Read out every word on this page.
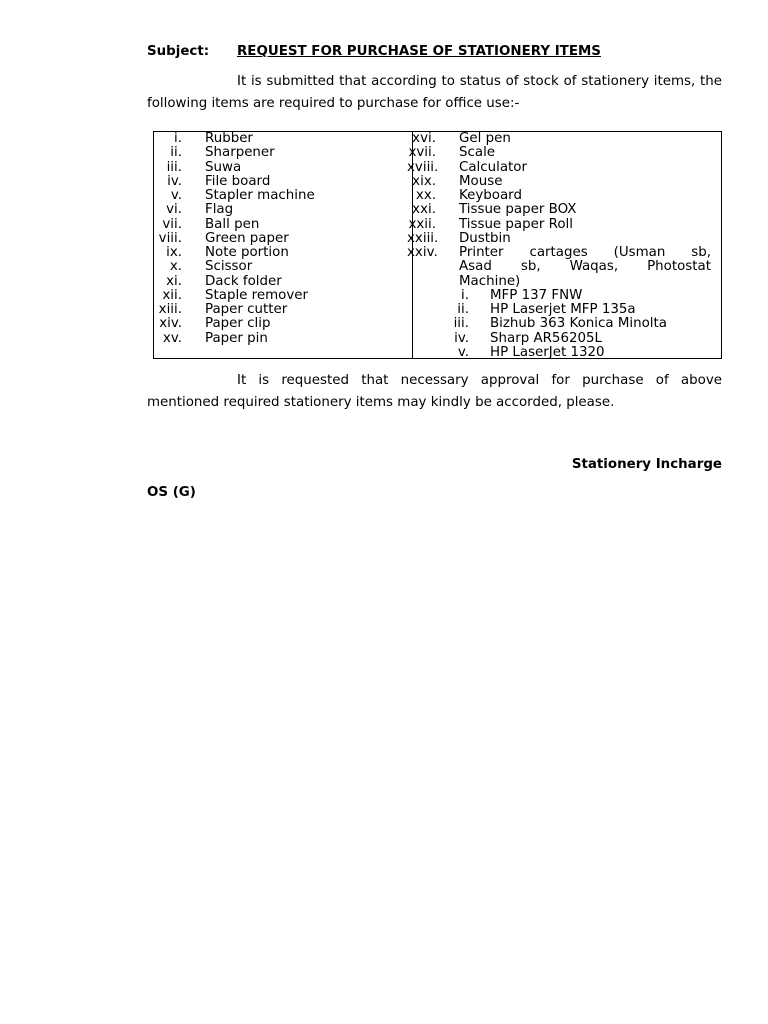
Subject: REQUEST FOR PURCHASE OF STATIONERY ITEMS
It is submitted that according to status of stock of stationery items, the following items are required to purchase for office use:-
i. Rubber
ii. Sharpener
iii. Suwa
iv. File board
v. Stapler machine
vi. Flag
vii. Ball pen
viii. Green paper
ix. Note portion
x. Scissor
xi. Dack folder
xii. Staple remover
xiii. Paper cutter
xiv. Paper clip
xv. Paper pin
xvi. Gel pen
xvii. Scale
xviii. Calculator
xix. Mouse
xx. Keyboard
xxi. Tissue paper BOX
xxii. Tissue paper Roll
xxiii. Dustbin
xxiv. Printer cartages (Usman sb,
Asad sb, Waqas, Photostat
Machine)
i. MFP 137 FNW
ii. HP Laserjet MFP 135a
iii. Bizhub 363 Konica Minolta
iv. Sharp AR56205L
v. HP LaserJet 1320
It is requested that necessary approval for purchase of above mentioned required stationery items may kindly be accorded, please.
Stationery Incharge
OS (G)
